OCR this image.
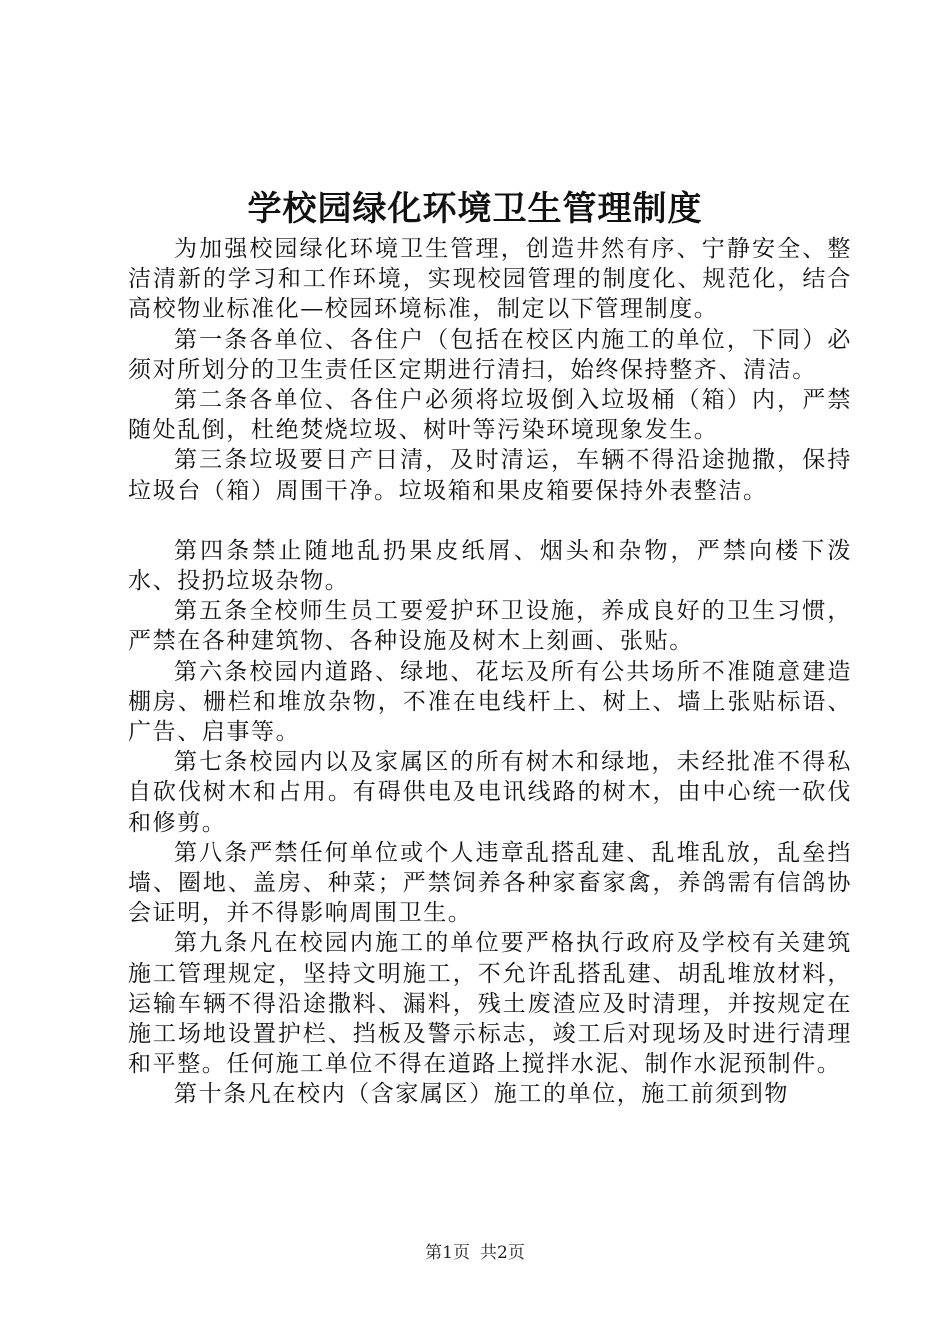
学校园绿化环境卫生管理制度

为加强校园绿化环境卫生管理，创造井然有序、宁静安全、整洁清新的学习和工作环境，实现校园管理的制度化、规范化，结合高校物业标准化—校园环境标准，制定以下管理制度。

第一条各单位、各住户（包括在校区内施工的单位，下同）必须对所划分的卫生责任区定期进行清扫，始终保持整齐、清洁。

第二条各单位、各住户必须将垃圾倒入垃圾桶（箱）内，严禁随处乱倒，杜绝焚烧垃圾、树叶等污染环境现象发生。

第三条垃圾要日产日清，及时清运，车辆不得沿途抛撒，保持垃圾台（箱）周围干净。垃圾箱和果皮箱要保持外表整洁。

第四条禁止随地乱扔果皮纸屑、烟头和杂物，严禁向楼下泼水、投扔垃圾杂物。

第五条全校师生员工要爱护环卫设施，养成良好的卫生习惯，严禁在各种建筑物、各种设施及树木上刻画、张贴。

第六条校园内道路、绿地、花坛及所有公共场所不准随意建造棚房、栅栏和堆放杂物，不准在电线杆上、树上、墙上张贴标语、广告、启事等。

第七条校园内以及家属区的所有树木和绿地，未经批准不得私自砍伐树木和占用。有碍供电及电讯线路的树木，由中心统一砍伐和修剪。

第八条严禁任何单位或个人违章乱搭乱建、乱堆乱放，乱垒挡墙、圈地、盖房、种菜；严禁饲养各种家畜家禽，养鸽需有信鸽协会证明，并不得影响周围卫生。

第九条凡在校园内施工的单位要严格执行政府及学校有关建筑施工管理规定，坚持文明施工，不允许乱搭乱建、胡乱堆放材料，运输车辆不得沿途撒料、漏料，残土废渣应及时清理，并按规定在施工场地设置护栏、挡板及警示标志，竣工后对现场及时进行清理和平整。任何施工单位不得在道路上搅拌水泥、制作水泥预制件。

第十条凡在校内（含家属区）施工的单位，施工前须到物

第1页 共2页
